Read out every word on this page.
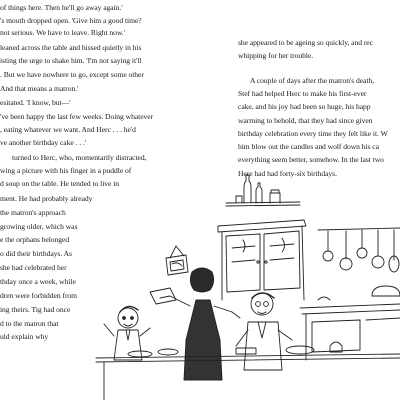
of things here. Then he'll go away again.'
's mouth dropped open. 'Give him a good time?
not serious. We have to leave. Right now.'
leaned across the table and hissed quietly in his
isting the urge to shake him. 'I'm not saying it'll
. But we have nowhere to go, except some other
And that means a matron.'
esitated. 'I know, but—'
've been happy the last few weeks. Doing whatever
, eating whatever we want. And Herc . . . he'd
ve another birthday cake . . .'
turned to Herc, who, momentarily distracted,
wing a picture with his finger in a puddle of
d soup on the table. He tended to live in
ment. He had probably already
the matron's approach
growing older, which was
e the orphans belonged
o did their birthdays. As
she had celebrated her
thday once a week, while
dren were forbidden from
ing theirs. Tig had once
d to the matron that
uld explain why
she appeared to be ageing so quickly, and rec
whipping for her trouble.
A couple of days after the matron's death,
Stef had helped Herc to make his first-ever
cake, and his joy had been so huge, his happ
warming to behold, that they had since given
birthday celebration every time they felt like it. W
him blow out the candles and wolf down his ca
everything seem better, somehow. In the last two
Here had had forty-six birthdays.
